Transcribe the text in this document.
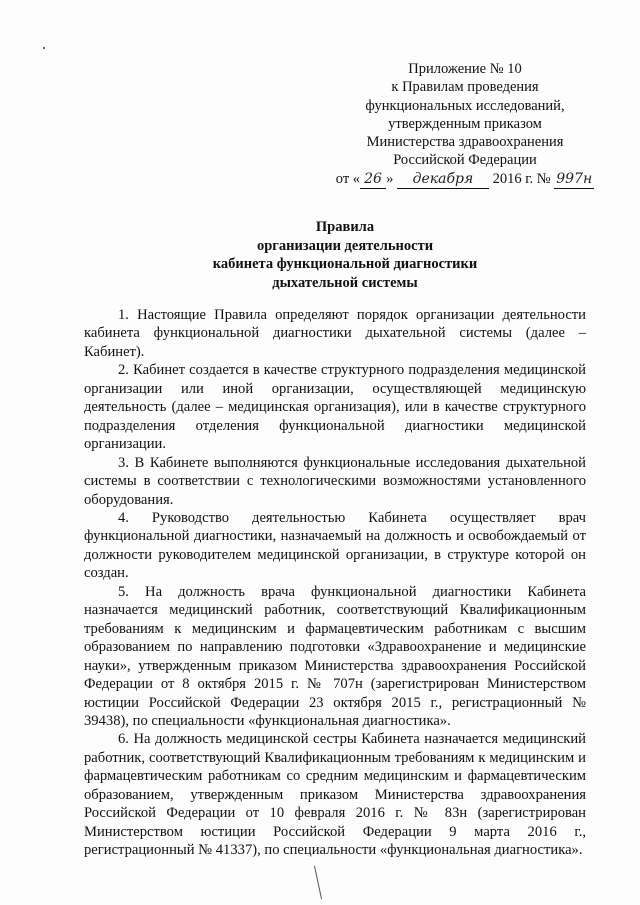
Приложение № 10
к Правилам проведения
функциональных исследований,
утвержденным приказом
Министерства здравоохранения
Российской Федерации
от « 26 » декабря 2016 г. № 997н
Правила
организации деятельности
кабинета функциональной диагностики
дыхательной системы

1. Настоящие Правила определяют порядок организации деятельности кабинета функциональной диагностики дыхательной системы (далее – Кабинет).

2. Кабинет создается в качестве структурного подразделения медицинской организации или иной организации, осуществляющей медицинскую деятельность (далее – медицинская организация), или в качестве структурного подразделения отделения функциональной диагностики медицинской организации.

3. В Кабинете выполняются функциональные исследования дыхательной системы в соответствии с технологическими возможностями установленного оборудования.

4. Руководство деятельностью Кабинета осуществляет врач функциональной диагностики, назначаемый на должность и освобождаемый от должности руководителем медицинской организации, в структуре которой он создан.

5. На должность врача функциональной диагностики Кабинета назначается медицинский работник, соответствующий Квалификационным требованиям к медицинским и фармацевтическим работникам с высшим образованием по направлению подготовки «Здравоохранение и медицинские науки», утвержденным приказом Министерства здравоохранения Российской Федерации от 8 октября 2015 г. № 707н (зарегистрирован Министерством юстиции Российской Федерации 23 октября 2015 г., регистрационный № 39438), по специальности «функциональная диагностика».

6. На должность медицинской сестры Кабинета назначается медицинский работник, соответствующий Квалификационным требованиям к медицинским и фармацевтическим работникам со средним медицинским и фармацевтическим образованием, утвержденным приказом Министерства здравоохранения Российской Федерации от 10 февраля 2016 г. № 83н (зарегистрирован Министерством юстиции Российской Федерации 9 марта 2016 г., регистрационный № 41337), по специальности «функциональная диагностика».
